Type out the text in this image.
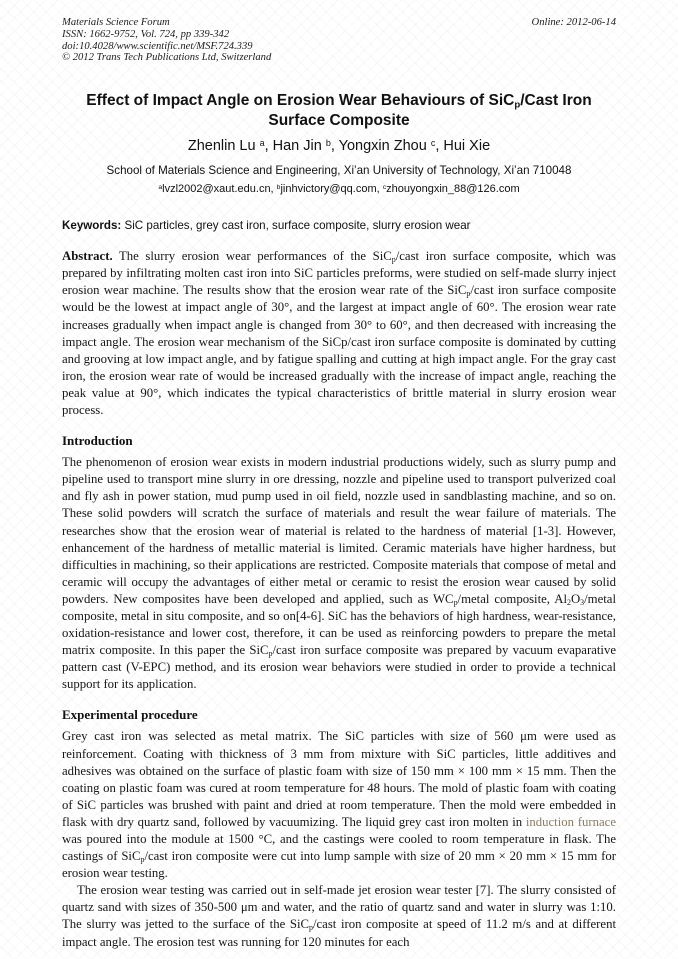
Materials Science Forum
ISSN: 1662-9752, Vol. 724, pp 339-342
doi:10.4028/www.scientific.net/MSF.724.339
© 2012 Trans Tech Publications Ltd, Switzerland
Online: 2012-06-14
Effect of Impact Angle on Erosion Wear Behaviours of SiC$_p$/Cast Iron Surface Composite
Zhenlin Lu $^a$, Han Jin $^b$, Yongxin Zhou $^c$, Hui Xie
School of Materials Science and Engineering, Xi’an University of Technology, Xi’an 710048
$^a$lvzl2002@xaut.edu.cn, $^b$jinhvictory@qq.com, $^c$zhouyongxin_88@126.com
Keywords: SiC particles, grey cast iron, surface composite, slurry erosion wear

Abstract. The slurry erosion wear performances of the SiC$_p$/cast iron surface composite, which was prepared by infiltrating molten cast iron into SiC particles preforms, were studied on self-made slurry inject erosion wear machine. The results show that the erosion wear rate of the SiC$_p$/cast iron surface composite would be the lowest at impact angle of 30°, and the largest at impact angle of 60°. The erosion wear rate increases gradually when impact angle is changed from 30° to 60°, and then decreased with increasing the impact angle. The erosion wear mechanism of the SiCp/cast iron surface composite is dominated by cutting and grooving at low impact angle, and by fatigue spalling and cutting at high impact angle. For the gray cast iron, the erosion wear rate of would be increased gradually with the increase of impact angle, reaching the peak value at 90°, which indicates the typical characteristics of brittle material in slurry erosion wear process.

Introduction

The phenomenon of erosion wear exists in modern industrial productions widely, such as slurry pump and pipeline used to transport mine slurry in ore dressing, nozzle and pipeline used to transport pulverized coal and fly ash in power station, mud pump used in oil field, nozzle used in sandblasting machine, and so on. These solid powders will scratch the surface of materials and result the wear failure of materials. The researches show that the erosion wear of material is related to the hardness of material [1-3]. However, enhancement of the hardness of metallic material is limited. Ceramic materials have higher hardness, but difficulties in machining, so their applications are restricted. Composite materials that compose of metal and ceramic will occupy the advantages of either metal or ceramic to resist the erosion wear caused by solid powders. New composites have been developed and applied, such as $WC_p$/metal composite, $Al_2O_3$/metal composite, metal in situ composite, and so on[4-6]. SiC has the behaviors of high hardness, wear-resistance, oxidation-resistance and lower cost, therefore, it can be used as reinforcing powders to prepare the metal matrix composite. In this paper the SiC$_p$/cast iron surface composite was prepared by vacuum evaparative pattern cast (V-EPC) method, and its erosion wear behaviors were studied in order to provide a technical support for its application.

Experimental procedure

Grey cast iron was selected as metal matrix. The SiC particles with size of 560 μm were used as reinforcement. Coating with thickness of 3 mm from mixture with SiC particles, little additives and adhesives was obtained on the surface of plastic foam with size of 150 mm × 100 mm × 15 mm. Then the coating on plastic foam was cured at room temperature for 48 hours. The mold of plastic foam with coating of SiC particles was brushed with paint and dried at room temperature. Then the mold were embedded in flask with dry quartz sand, followed by vacuumizing. The liquid grey cast iron molten in induction furnace was poured into the module at 1500 °C, and the castings were cooled to room temperature in flask. The castings of SiC$_p$/cast iron composite were cut into lump sample with size of 20 mm × 20 mm × 15 mm for erosion wear testing.

The erosion wear testing was carried out in self-made jet erosion wear tester [7]. The slurry consisted of quartz sand with sizes of 350-500 μm and water, and the ratio of quartz sand and water in slurry was 1:10. The slurry was jetted to the surface of the SiC$_p$/cast iron composite at speed of 11.2 m/s and at different impact angle. The erosion test was running for 120 minutes for each
